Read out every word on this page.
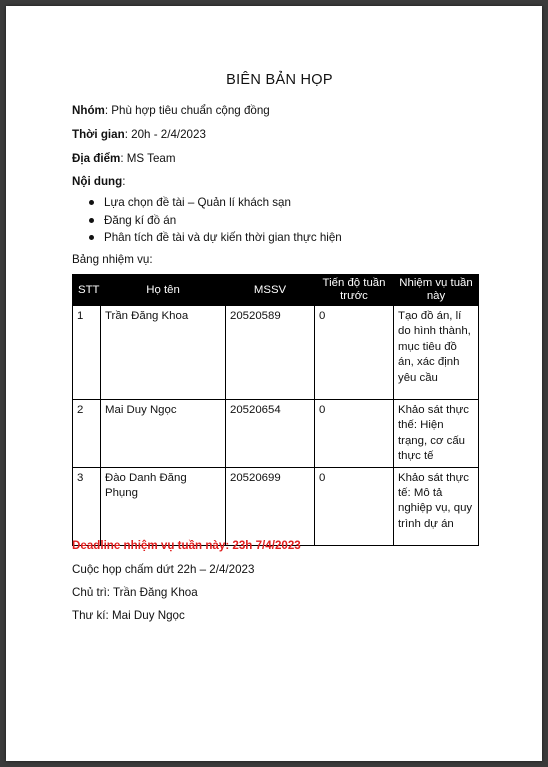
BIÊN BẢN HỌP
Nhóm: Phù hợp tiêu chuẩn cộng đồng
Thời gian: 20h - 2/4/2023
Địa điểm: MS Team
Nội dung:
Lựa chọn đề tài – Quản lí khách sạn
Đăng kí đồ án
Phân tích đề tài và dự kiến thời gian thực hiện
Bảng nhiệm vụ:
STT	Họ tên	MSSV	Tiến độ tuần trước	Nhiệm vụ tuần này
1	Trần Đăng Khoa	20520589	0	Tạo đồ án, lí do hình thành, mục tiêu đồ án, xác định yêu cầu
2	Mai Duy Ngọc	20520654	0	Khảo sát thực thế: Hiện trạng, cơ cấu thực tế
3	Đào Danh Đăng Phụng	20520699	0	Khảo sát thực tế: Mô tả nghiệp vụ, quy trình dự án
Deadline nhiệm vụ tuần này: 23h 7/4/2023
Cuộc họp chấm dứt 22h – 2/4/2023
Chủ trì: Trần Đăng Khoa
Thư kí: Mai Duy Ngọc
